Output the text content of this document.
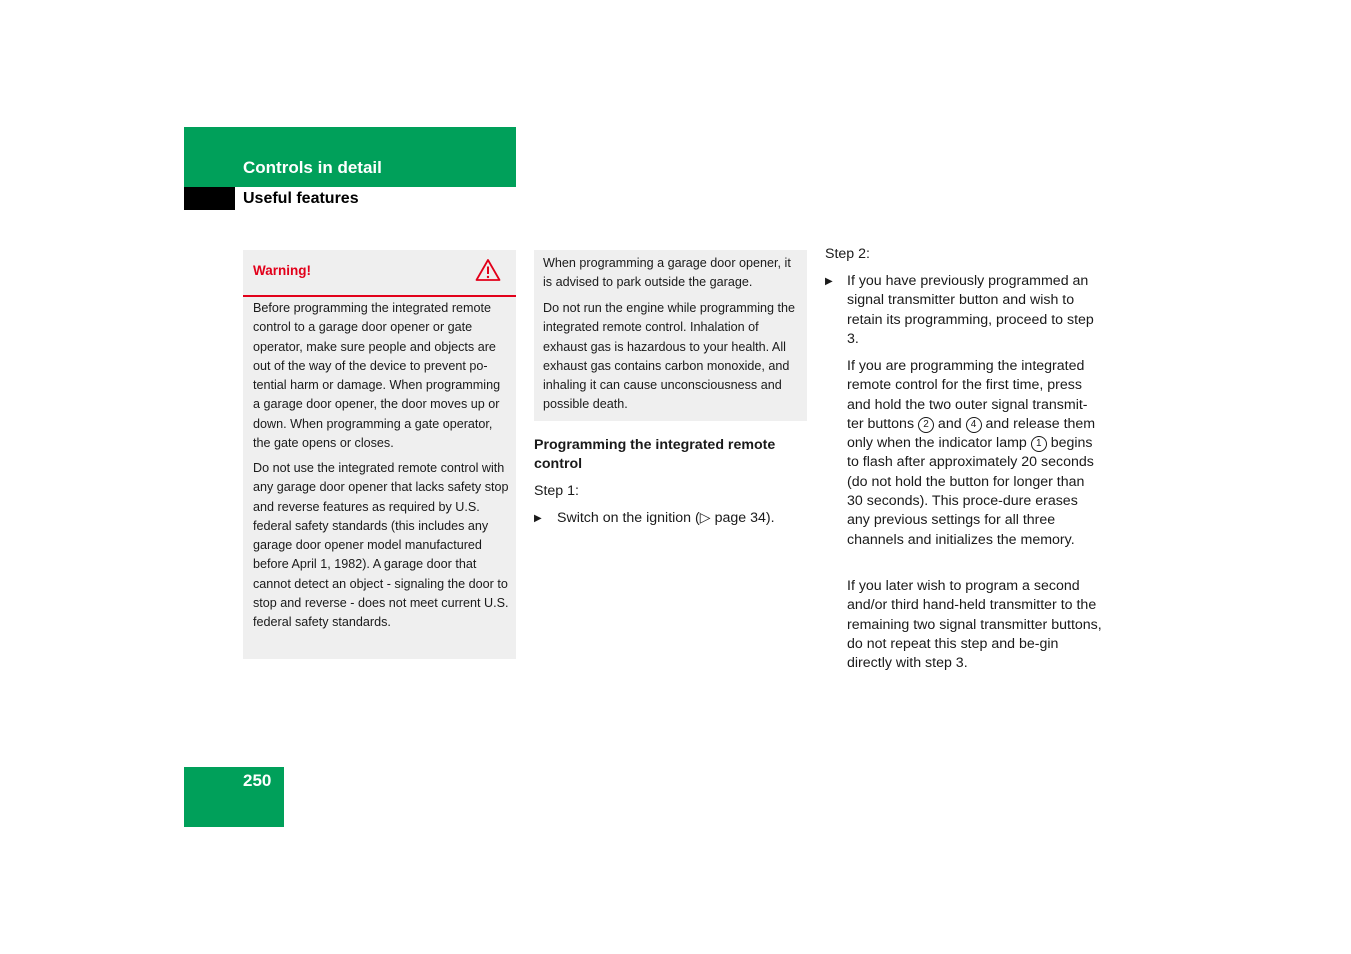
Controls in detail
Useful features
Warning!
Before programming the integrated remote control to a garage door opener or gate operator, make sure people and objects are out of the way of the device to prevent po-tential harm or damage. When programming a garage door opener, the door moves up or down. When programming a gate operator, the gate opens or closes.
Do not use the integrated remote control with any garage door opener that lacks safety stop and reverse features as required by U.S. federal safety standards (this includes any garage door opener model manufactured before April 1, 1982). A garage door that cannot detect an object - signaling the door to stop and reverse - does not meet current U.S. federal safety standards.
When programming a garage door opener, it is advised to park outside the garage.
Do not run the engine while programming the integrated remote control. Inhalation of exhaust gas is hazardous to your health. All exhaust gas contains carbon monoxide, and inhaling it can cause unconsciousness and possible death.
Programming the integrated remote control
Step 1:
▶ Switch on the ignition (▷ page 34).
Step 2:
▶ If you have previously programmed an signal transmitter button and wish to retain its programming, proceed to step 3.
If you are programming the integrated remote control for the first time, press and hold the two outer signal transmit-ter buttons 2 and 4 and release them only when the indicator lamp 1 begins to flash after approximately 20 seconds (do not hold the button for longer than 30 seconds). This proce-dure erases any previous settings for all three channels and initializes the memory.
If you later wish to program a second and/or third hand-held transmitter to the remaining two signal transmitter buttons, do not repeat this step and be-gin directly with step 3.
250
